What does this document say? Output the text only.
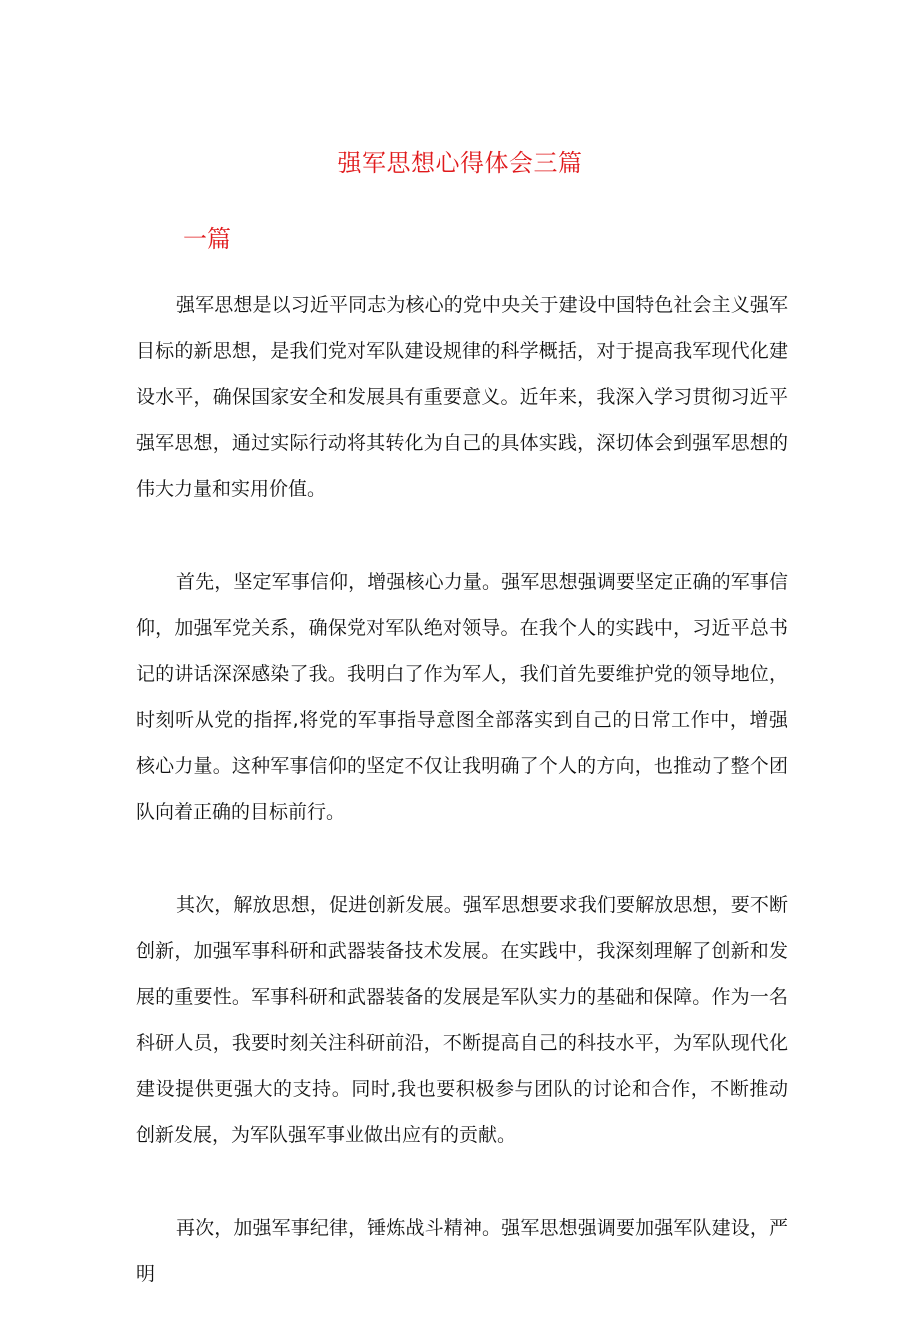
强军思想心得体会三篇
一篇

强军思想是以习近平同志为核心的党中央关于建设中国特色社会主义强军目标的新思想，是我们党对军队建设规律的科学概括，对于提高我军现代化建设水平，确保国家安全和发展具有重要意义。近年来，我深入学习贯彻习近平强军思想，通过实际行动将其转化为自己的具体实践，深切体会到强军思想的伟大力量和实用价值。

首先，坚定军事信仰，增强核心力量。强军思想强调要坚定正确的军事信仰，加强军党关系，确保党对军队绝对领导。在我个人的实践中，习近平总书记的讲话深深感染了我。我明白了作为军人，我们首先要维护党的领导地位，时刻听从党的指挥,将党的军事指导意图全部落实到自己的日常工作中，增强核心力量。这种军事信仰的坚定不仅让我明确了个人的方向，也推动了整个团队向着正确的目标前行。

其次，解放思想，促进创新发展。强军思想要求我们要解放思想，要不断创新，加强军事科研和武器装备技术发展。在实践中，我深刻理解了创新和发展的重要性。军事科研和武器装备的发展是军队实力的基础和保障。作为一名科研人员，我要时刻关注科研前沿，不断提高自己的科技水平，为军队现代化建设提供更强大的支持。同时,我也要积极参与团队的讨论和合作，不断推动创新发展，为军队强军事业做出应有的贡献。

再次，加强军事纪律，锤炼战斗精神。强军思想强调要加强军队建设，严明
